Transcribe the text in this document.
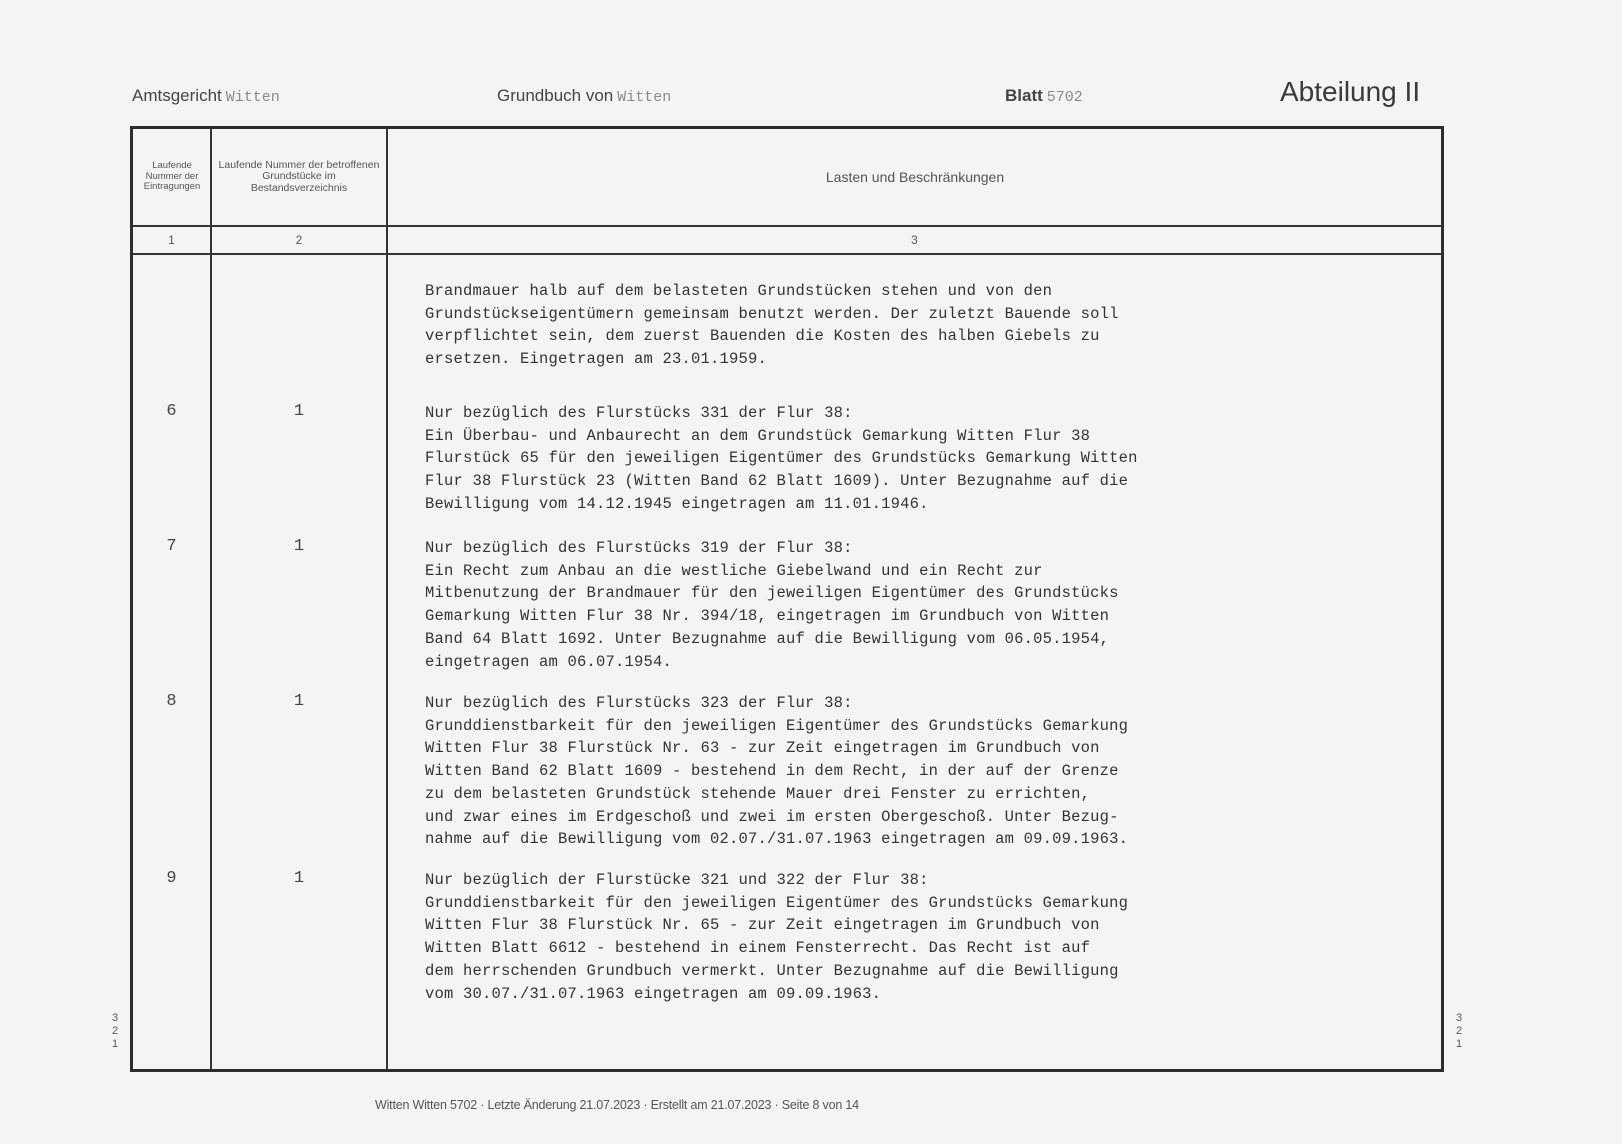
Amtsgericht Witten	Grundbuch von Witten	Blatt 5702	Abteilung II
Laufende Nummer der Eintragungen
Laufende Nummer der betroffenen Grundstücke im Bestandsverzeichnis
Lasten und Beschränkungen
1	2	3
Brandmauer halb auf dem belasteten Grundstücken stehen und von den
Grundstückseigentümern gemeinsam benutzt werden. Der zuletzt Bauende soll
verpflichtet sein, dem zuerst Bauenden die Kosten des halben Giebels zu
ersetzen. Eingetragen am 23.01.1959.
6	1	Nur bezüglich des Flurstücks 331 der Flur 38:
Ein Überbau- und Anbaurecht an dem Grundstück Gemarkung Witten Flur 38
Flurstück 65 für den jeweiligen Eigentümer des Grundstücks Gemarkung Witten
Flur 38 Flurstück 23 (Witten Band 62 Blatt 1609). Unter Bezugnahme auf die
Bewilligung vom 14.12.1945 eingetragen am 11.01.1946.
7	1	Nur bezüglich des Flurstücks 319 der Flur 38:
Ein Recht zum Anbau an die westliche Giebelwand und ein Recht zur
Mitbenutzung der Brandmauer für den jeweiligen Eigentümer des Grundstücks
Gemarkung Witten Flur 38 Nr. 394/18, eingetragen im Grundbuch von Witten
Band 64 Blatt 1692. Unter Bezugnahme auf die Bewilligung vom 06.05.1954,
eingetragen am 06.07.1954.
8	1	Nur bezüglich des Flurstücks 323 der Flur 38:
Grunddienstbarkeit für den jeweiligen Eigentümer des Grundstücks Gemarkung
Witten Flur 38 Flurstück Nr. 63 - zur Zeit eingetragen im Grundbuch von
Witten Band 62 Blatt 1609 - bestehend in dem Recht, in der auf der Grenze
zu dem belasteten Grundstück stehende Mauer drei Fenster zu errichten,
und zwar eines im Erdgeschoß und zwei im ersten Obergeschoß. Unter Bezug-
nahme auf die Bewilligung vom 02.07./31.07.1963 eingetragen am 09.09.1963.
9	1	Nur bezüglich der Flurstücke 321 und 322 der Flur 38:
Grunddienstbarkeit für den jeweiligen Eigentümer des Grundstücks Gemarkung
Witten Flur 38 Flurstück Nr. 65 - zur Zeit eingetragen im Grundbuch von
Witten Blatt 6612 - bestehend in einem Fensterrecht. Das Recht ist auf
dem herrschenden Grundbuch vermerkt. Unter Bezugnahme auf die Bewilligung
vom 30.07./31.07.1963 eingetragen am 09.09.1963.
3
2
1
3
2
1
Witten Witten 5702 · Letzte Änderung 21.07.2023 · Erstellt am 21.07.2023 · Seite 8 von 14
